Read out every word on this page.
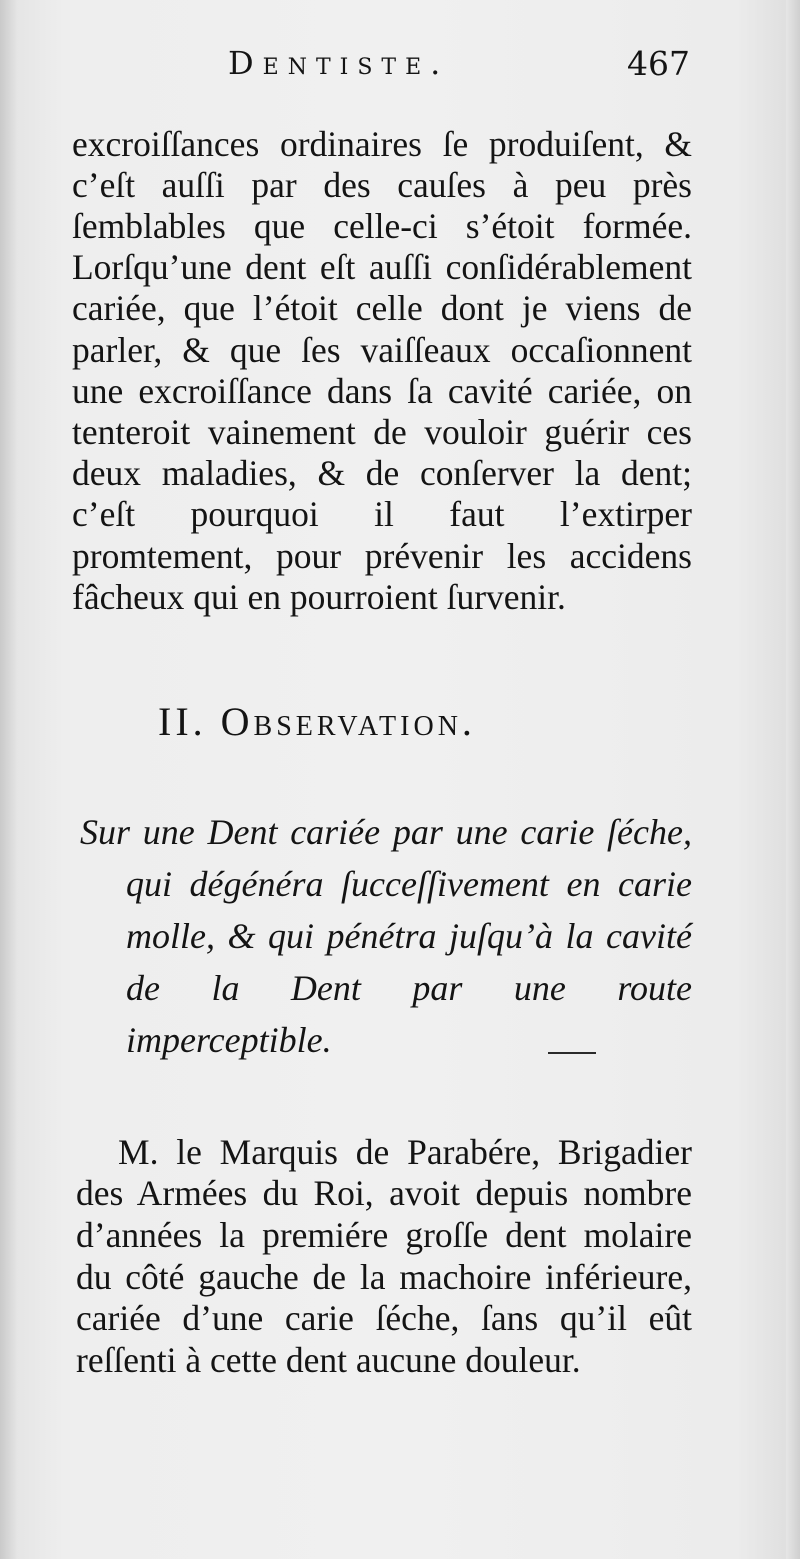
Dentiste.	467

excroiſſances ordinaires ſe produiſent, & c’eſt auſſi par des cauſes à peu près ſemblables que celle-ci s’étoit formée. Lorſqu’une dent eſt auſſi conſidérablement cariée, que l’étoit celle dont je viens de parler, & que ſes vaiſſeaux occaſionnent une excroiſſance dans ſa cavité cariée, on tenteroit vainement de vouloir guérir ces deux maladies, & de conſerver la dent; c’eſt pourquoi il faut l’extirper promtement, pour prévenir les accidens fâcheux qui en pourroient ſurvenir.

II. Observation.

Sur une Dent cariée par une carie ſéche, qui dégénéra ſucceſſivement en carie molle, & qui pénétra juſqu’à la cavité de la Dent par une route imperceptible.

M. le Marquis de Parabére, Brigadier des Armées du Roi, avoit depuis nombre d’années la premiére groſſe dent molaire du côté gauche de la machoire inférieure, cariée d’une carie ſéche, ſans qu’il eût reſſenti à cette dent aucune douleur.
